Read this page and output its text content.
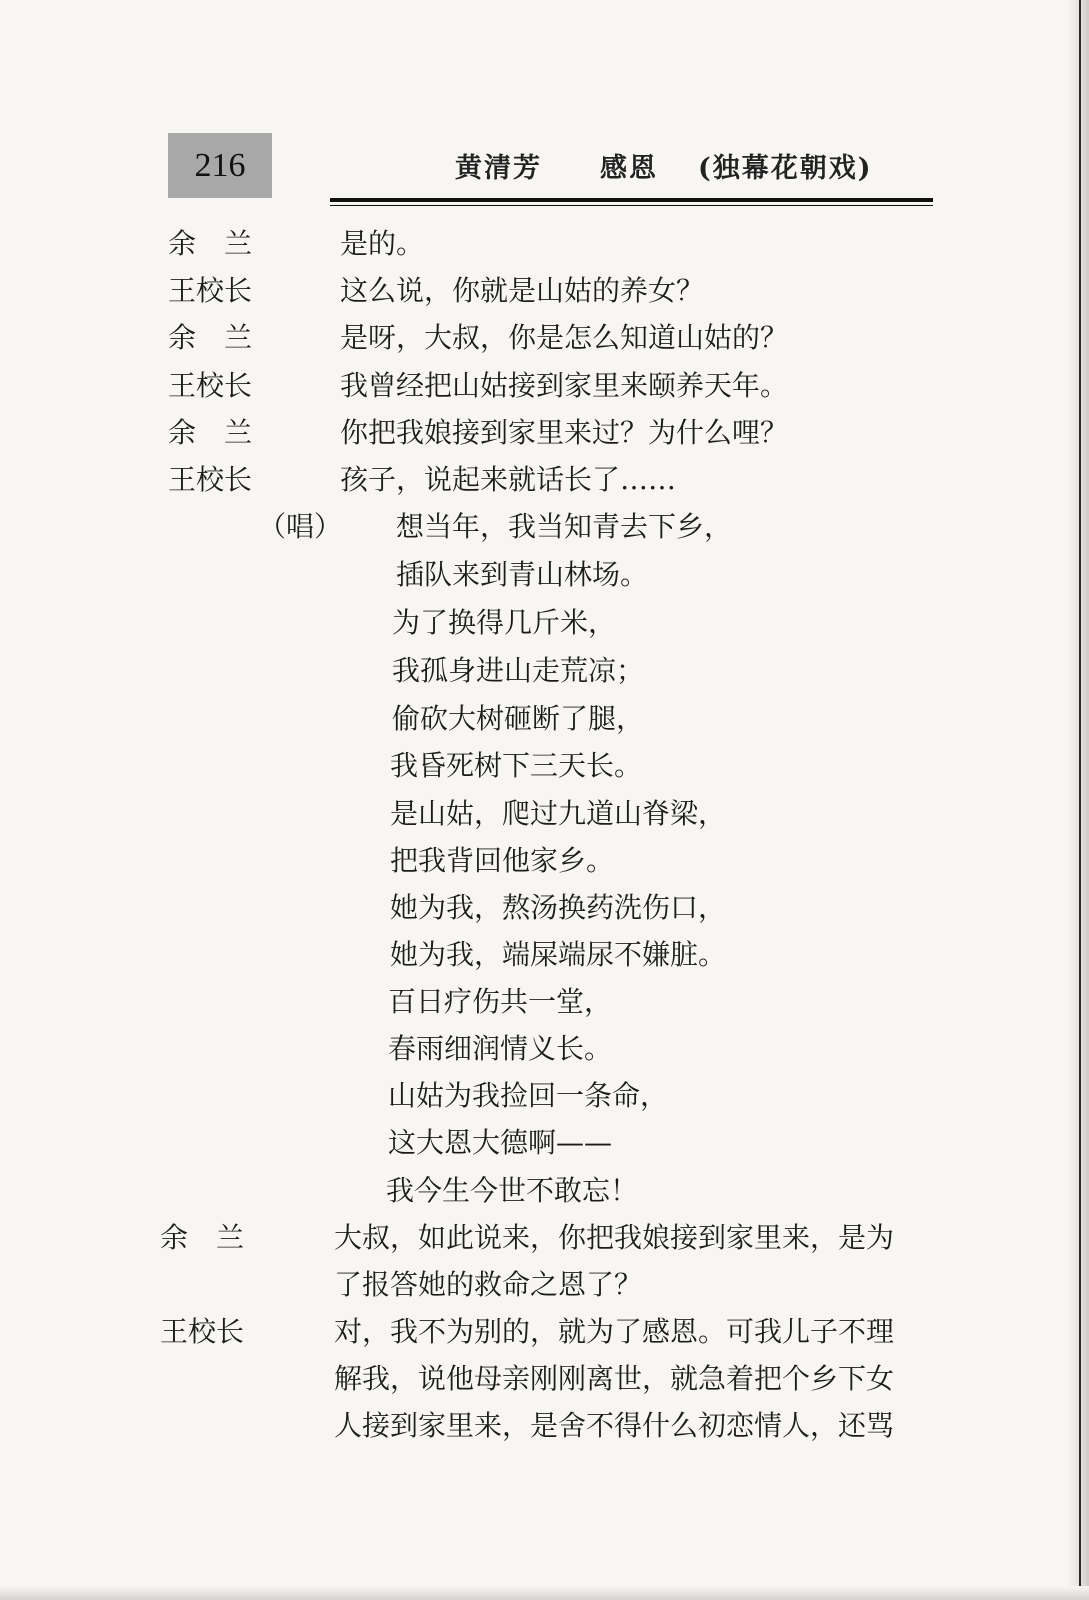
216	黄清芳 感恩 (独幕花朝戏)
余　兰	是的。
王校长	这么说，你就是山姑的养女？
余　兰	是呀，大叔，你是怎么知道山姑的？
王校长	我曾经把山姑接到家里来颐养天年。
余　兰	你把我娘接到家里来过？为什么哩？
王校长	孩子，说起来就话长了……
（唱） 想当年，我当知青去下乡，
插队来到青山林场。
为了换得几斤米，
我孤身进山走荒凉；
偷砍大树砸断了腿，
我昏死树下三天长。
是山姑，爬过九道山脊梁，
把我背回他家乡。
她为我，熬汤换药洗伤口，
她为我，端屎端尿不嫌脏。
百日疗伤共一堂，
春雨细润情义长。
山姑为我捡回一条命，
这大恩大德啊——
我今生今世不敢忘！
余　兰	大叔，如此说来，你把我娘接到家里来，是为
了报答她的救命之恩了？
王校长	对，我不为别的，就为了感恩。可我儿子不理
解我，说他母亲刚刚离世，就急着把个乡下女
人接到家里来，是舍不得什么初恋情人，还骂
